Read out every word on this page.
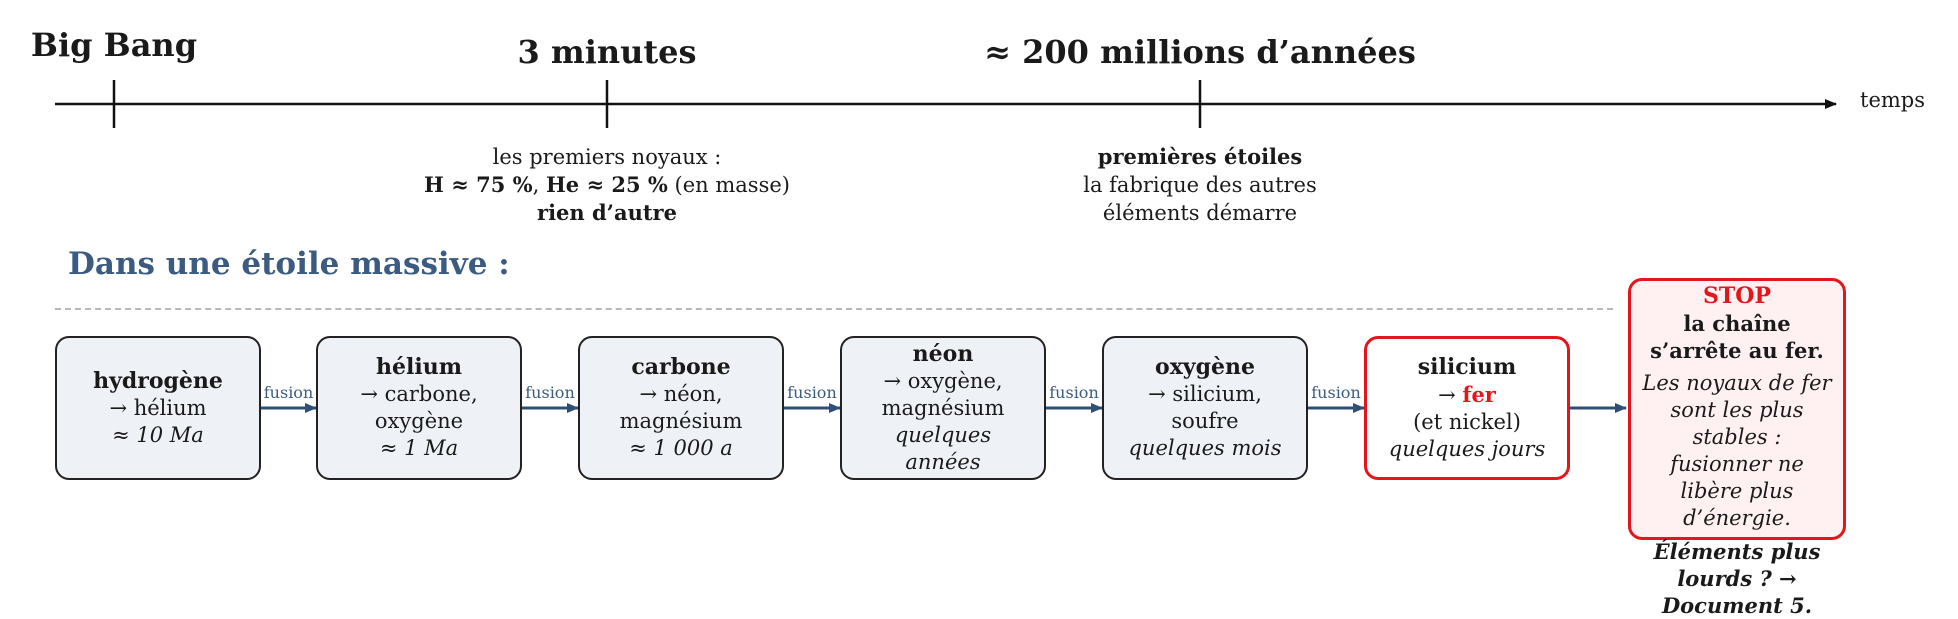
Big Bang	3 minutes	≈ 200 millions d’années
temps
les premiers noyaux :
H ≈ 75 %, He ≈ 25 % (en masse)
rien d’autre
premières étoiles
la fabrique des autres
éléments démarre
Dans une étoile massive :
hydrogène
→ hélium
≈ 10 Ma
hélium
→ carbone,
oxygène
≈ 1 Ma
carbone
→ néon,
magnésium
≈ 1 000 a
néon
→ oxygène,
magnésium
quelques années
oxygène
→ silicium,
soufre
quelques mois
silicium
→ fer
(et nickel)
quelques jours
STOP
la chaîne s’arrête au fer.
Les noyaux de fer sont les plus stables : fusionner ne libère plus d’énergie.
Éléments plus lourds ? → Document 5.
fusion	fusion	fusion	fusion	fusion
